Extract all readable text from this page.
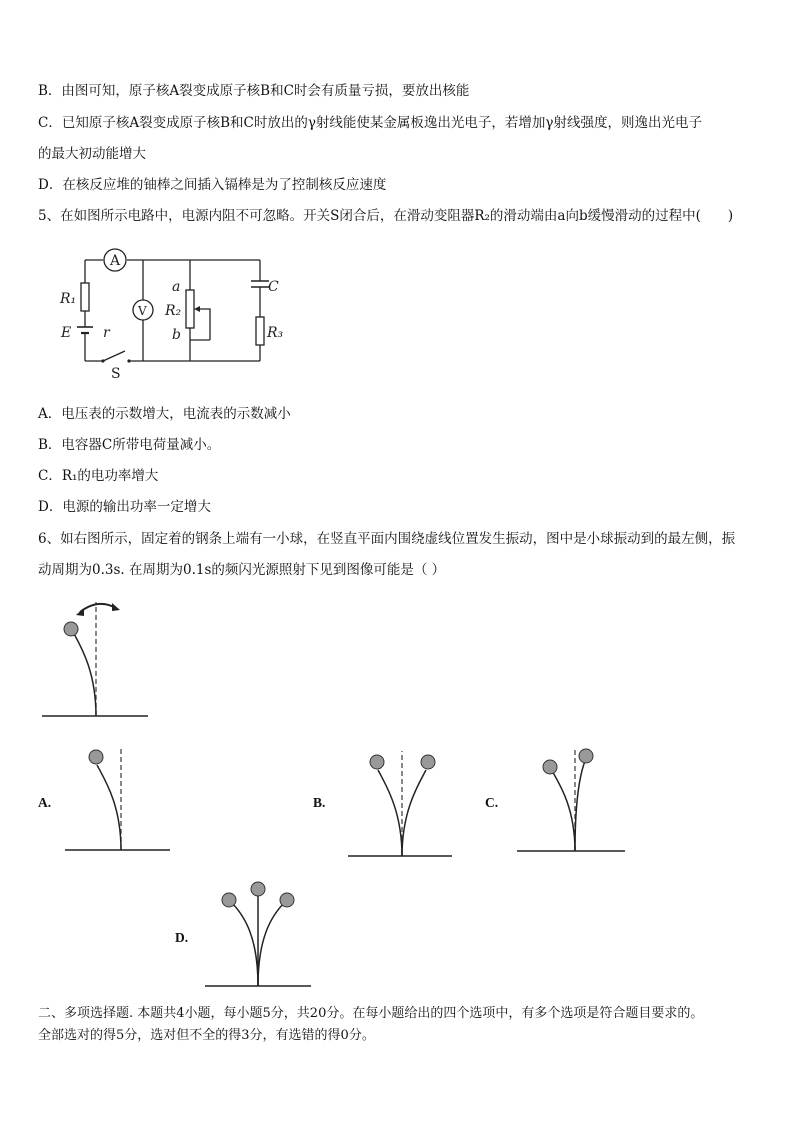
B．由图可知，原子核A裂变成原子核B和C时会有质量亏损，要放出核能
C．已知原子核A裂变成原子核B和C时放出的γ射线能使某金属板逸出光电子，若增加γ射线强度，则逸出光电子
的最大初动能增大
D．在核反应堆的铀棒之间插入镉棒是为了控制核反应速度
5、在如图所示电路中，电源内阻不可忽略。开关S闭合后，在滑动变阻器R₂的滑动端由a向b缓慢滑动的过程中(　　)
A
V
R₁
E r
S
a
R₂
b
C
R₃
A．电压表的示数增大，电流表的示数减小
B．电容器C所带电荷量减小。
C．R₁的电功率增大
D．电源的输出功率一定增大
6、如右图所示，固定着的钢条上端有一小球，在竖直平面内围绕虚线位置发生振动，图中是小球振动到的最左侧，振
动周期为0.3s. 在周期为0.1s的频闪光源照射下见到图像可能是（ ）
A.	B.	C.
D.
二、多项选择题. 本题共4小题，每小题5分，共20分。在每小题给出的四个选项中，有多个选项是符合题目要求的。
全部选对的得5分，选对但不全的得3分，有选错的得0分。
